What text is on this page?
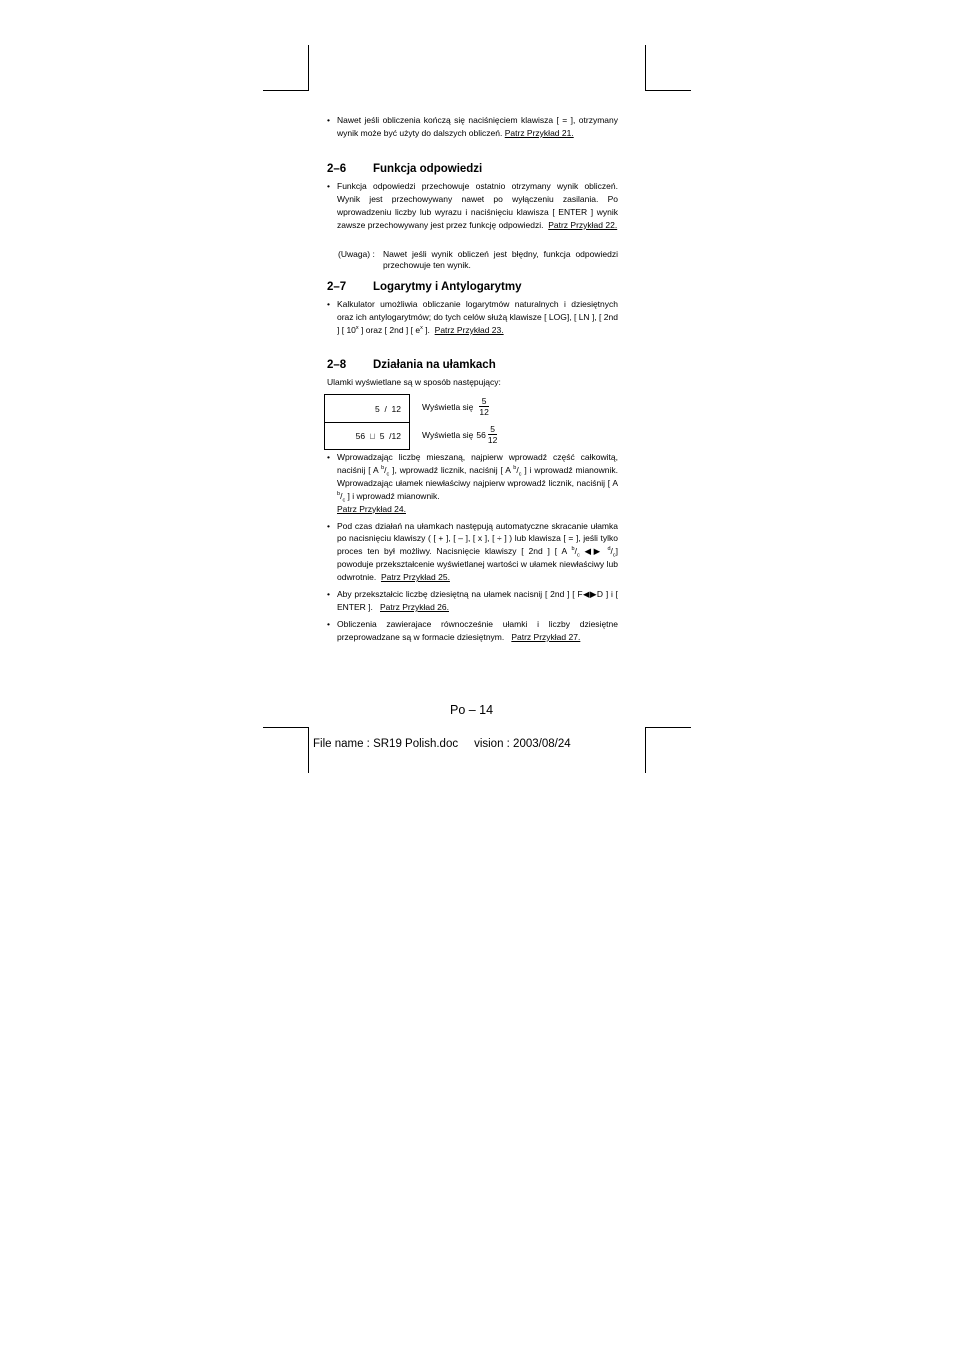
• Nawet jeśli obliczenia kończą się naciśnięciem klawisza [ = ], otrzymany wynik może być użyty do dalszych obliczeń. Patrz Przykład 21.
2–6 Funkcja odpowiedzi
• Funkcja odpowiedzi przechowuje ostatnio otrzymany wynik obliczeń. Wynik jest przechowywany nawet po wyłączeniu zasilania. Po wprowadzeniu liczby lub wyrazu i naciśnięciu klawisza [ ENTER ] wynik zawsze przechowywany jest przez funkcję odpowiedzi. Patrz Przykład 22.
(Uwaga) : Nawet jeśli wynik obliczeń jest błędny, funkcja odpowiedzi przechowuje ten wynik.
2–7 Logarytmy i Antylogarytmy
• Kalkulator umożliwia obliczanie logarytmów naturalnych i dziesiętnych oraz ich antylogarytmów; do tych celów służą klawisze [ LOG], [ LN ], [ 2nd ] [ 10$^x$ ] oraz [ 2nd ] [ $e^x$ ]. Patrz Przykład 23.
2–8 Działania na ułamkach
Ulamki wyświetlane są w sposób następujący:
5  /  12
56 ⊔ 5  /12
Wyświetla się $\frac{5}{12}$
Wyświetla się $56 \frac{5}{12}$
• Wprowadzając liczbę mieszaną, najpierw wprowadź część całkowitą, naciśnij [ A $^b/_c$ ], wprowadź licznik, naciśnij [ A $^b/_c$ ] i wprowadź mianownik. Wprowadzając ułamek niewłaściwy najpierw wprowadź licznik, naciśnij [ A $^b/_c$ ] i wprowadź mianownik.
Patrz Przykład 24.
• Pod czas działań na ułamkach następują automatyczne skracanie ułamka po nacisnięciu klawiszy ( [ + ], [ – ], [ x ], [ ÷ ] ) lub klawisza [ = ], jeśli tylko proces ten był możliwy. Nacisnięcie klawiszy [ 2nd ] [ A $^b/_c$ ◀▶ $^d/_c$] powoduje przekształcenie wyświetlanej wartości w ułamek niewłaściwy lub odwrotnie. Patrz Przykład 25.
• Aby przekształcic liczbę dziesiętną na ułamek nacisnij [ 2nd ] [ F◀▶D ] i [ ENTER ]. Patrz Przykład 26.
• Obliczenia zawierajace równocześnie ułamki i liczby dziesiętne przeprowadzane są w formacie dziesiętnym. Patrz Przykład 27.
Po – 14
File name : SR19 Polish.doc     vision : 2003/08/24
